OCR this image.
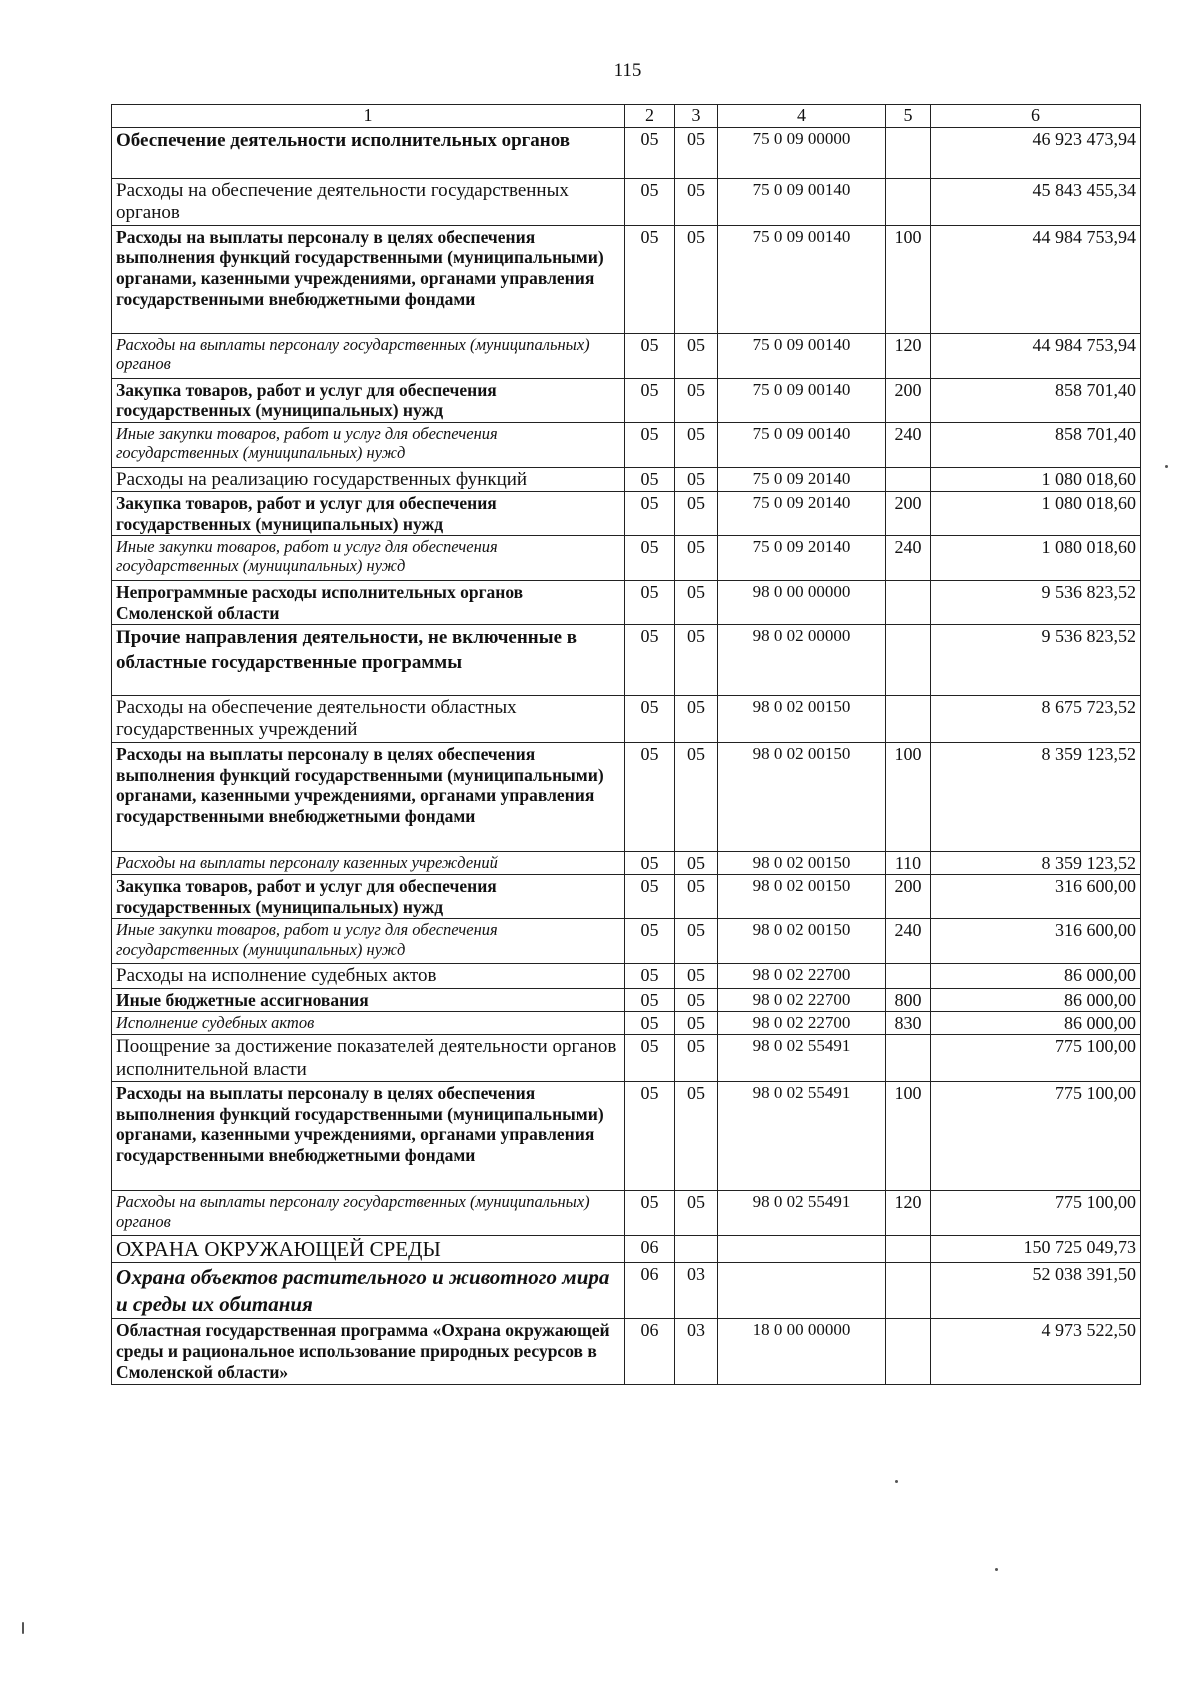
115
1	2	3	4	5	6
Обеспечение деятельности исполнительных органов	05	05	75 0 09 00000		46 923 473,94
Расходы на обеспечение деятельности государственных органов	05	05	75 0 09 00140		45 843 455,34
Расходы на выплаты персоналу в целях обеспечения выполнения функций государственными (муниципальными) органами, казенными учреждениями, органами управления государственными внебюджетными фондами	05	05	75 0 09 00140	100	44 984 753,94
Расходы на выплаты персоналу государственных (муниципальных) органов	05	05	75 0 09 00140	120	44 984 753,94
Закупка товаров, работ и услуг для обеспечения государственных (муниципальных) нужд	05	05	75 0 09 00140	200	858 701,40
Иные закупки товаров, работ и услуг для обеспечения государственных (муниципальных) нужд	05	05	75 0 09 00140	240	858 701,40
Расходы на реализацию государственных функций	05	05	75 0 09 20140		1 080 018,60
Закупка товаров, работ и услуг для обеспечения государственных (муниципальных) нужд	05	05	75 0 09 20140	200	1 080 018,60
Иные закупки товаров, работ и услуг для обеспечения государственных (муниципальных) нужд	05	05	75 0 09 20140	240	1 080 018,60
Непрограммные расходы исполнительных органов Смоленской области	05	05	98 0 00 00000		9 536 823,52
Прочие направления деятельности, не включенные в областные государственные программы	05	05	98 0 02 00000		9 536 823,52
Расходы на обеспечение деятельности областных государственных учреждений	05	05	98 0 02 00150		8 675 723,52
Расходы на выплаты персоналу в целях обеспечения выполнения функций государственными (муниципальными) органами, казенными учреждениями, органами управления государственными внебюджетными фондами	05	05	98 0 02 00150	100	8 359 123,52
Расходы на выплаты персоналу казенных учреждений	05	05	98 0 02 00150	110	8 359 123,52
Закупка товаров, работ и услуг для обеспечения государственных (муниципальных) нужд	05	05	98 0 02 00150	200	316 600,00
Иные закупки товаров, работ и услуг для обеспечения государственных (муниципальных) нужд	05	05	98 0 02 00150	240	316 600,00
Расходы на исполнение судебных актов	05	05	98 0 02 22700		86 000,00
Иные бюджетные ассигнования	05	05	98 0 02 22700	800	86 000,00
Исполнение судебных актов	05	05	98 0 02 22700	830	86 000,00
Поощрение за достижение показателей деятельности органов исполнительной власти	05	05	98 0 02 55491		775 100,00
Расходы на выплаты персоналу в целях обеспечения выполнения функций государственными (муниципальными) органами, казенными учреждениями, органами управления государственными внебюджетными фондами	05	05	98 0 02 55491	100	775 100,00
Расходы на выплаты персоналу государственных (муниципальных) органов	05	05	98 0 02 55491	120	775 100,00
ОХРАНА ОКРУЖАЮЩЕЙ СРЕДЫ	06				150 725 049,73
Охрана объектов растительного и животного мира и среды их обитания	06	03			52 038 391,50
Областная государственная программа «Охрана окружающей среды и рациональное использование природных ресурсов в Смоленской области»	06	03	18 0 00 00000		4 973 522,50
